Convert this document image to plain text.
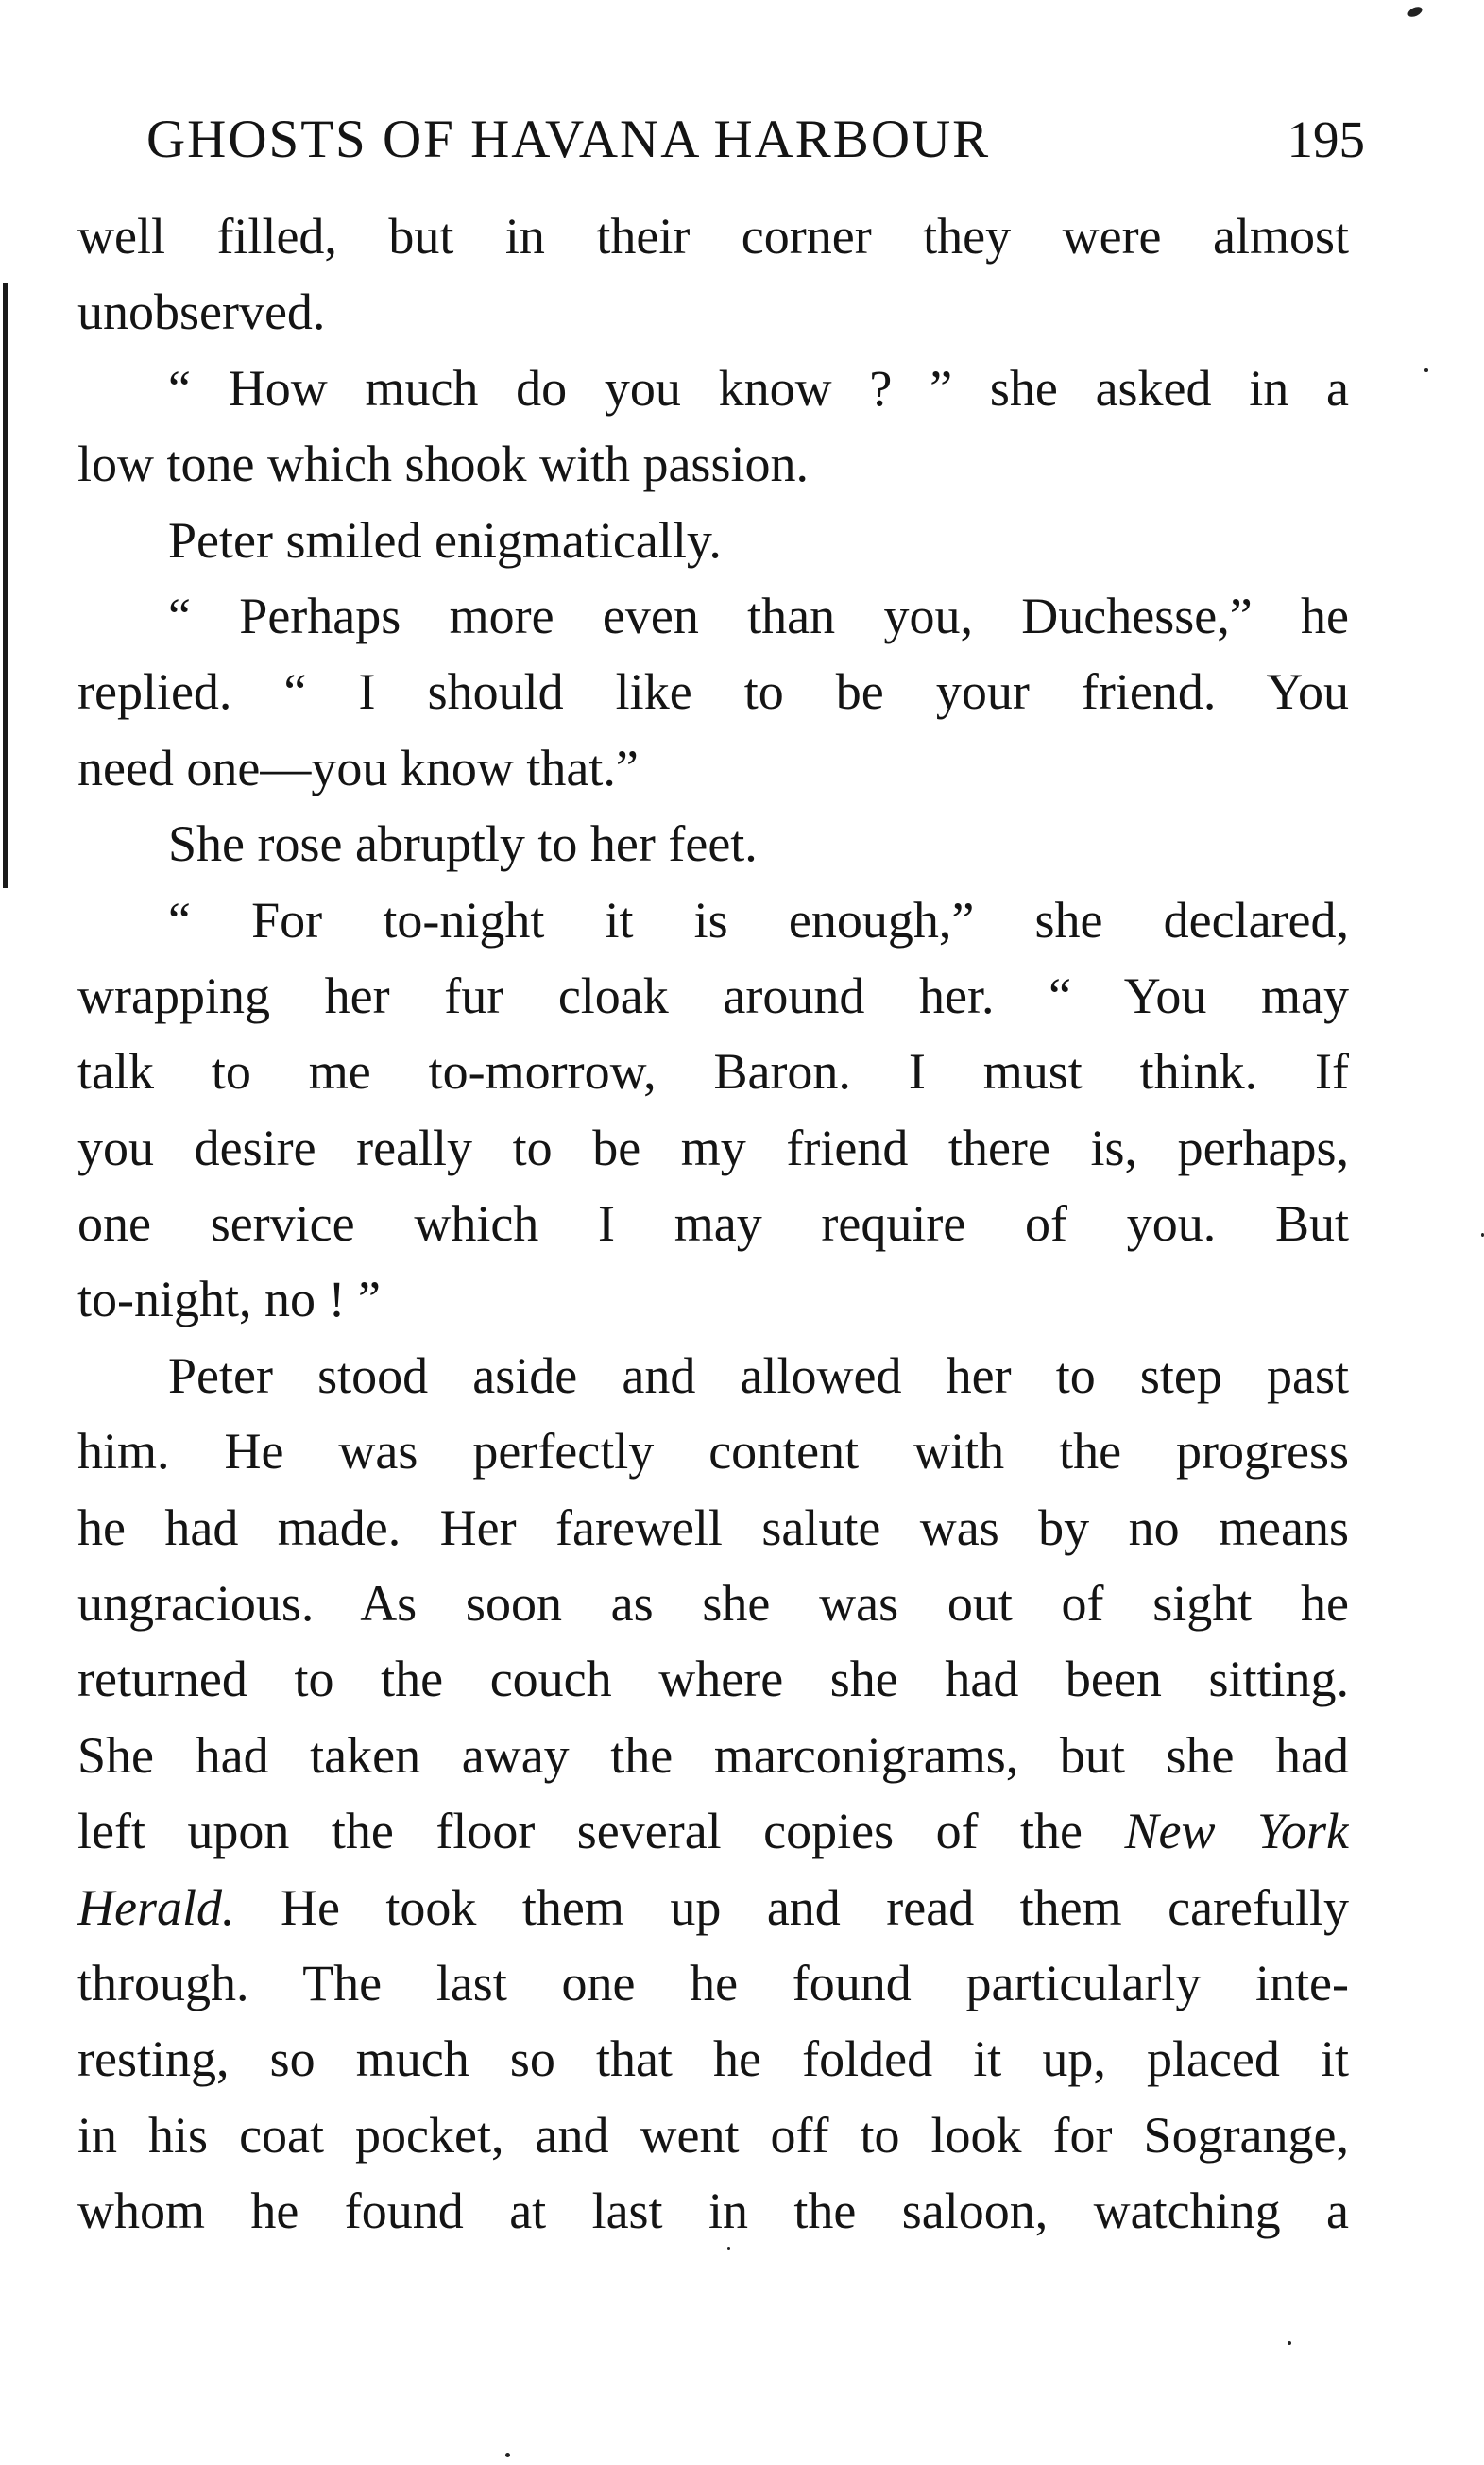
GHOSTS OF HAVANA HARBOUR	195
well filled, but in their corner they were almost
unobserved.
“ How much do you know ? ” she asked in a
low tone which shook with passion.
Peter smiled enigmatically.
“ Perhaps more even than you, Duchesse,” he
replied. “ I should like to be your friend. You
need one—you know that.”
She rose abruptly to her feet.
“ For to-night it is enough,” she declared,
wrapping her fur cloak around her. “ You may
talk to me to-morrow, Baron. I must think. If
you desire really to be my friend there is, perhaps,
one service which I may require of you. But
to-night, no ! ”
Peter stood aside and allowed her to step past
him. He was perfectly content with the progress
he had made. Her farewell salute was by no means
ungracious. As soon as she was out of sight he
returned to the couch where she had been sitting.
She had taken away the marconigrams, but she had
left upon the floor several copies of the New York
Herald. He took them up and read them carefully
through. The last one he found particularly inte-
resting, so much so that he folded it up, placed it
in his coat pocket, and went off to look for Sogrange,
whom he found at last in the saloon, watching a
